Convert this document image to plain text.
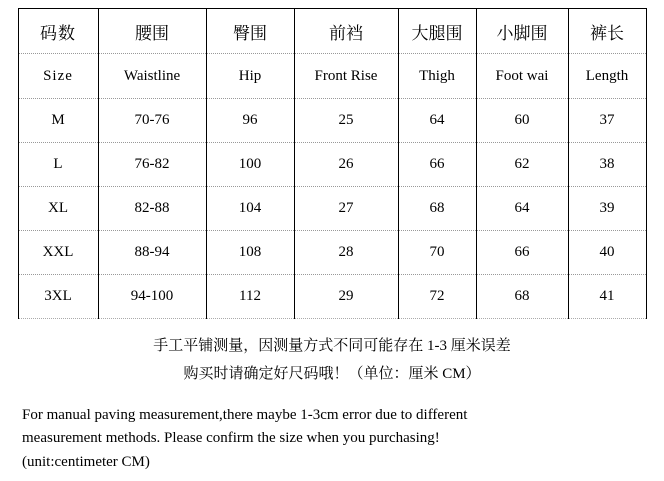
码数	腰围	臀围	前裆	大腿围	小脚围	裤长
Size	Waistline	Hip	Front Rise	Thigh	Foot wai	Length
M	70-76	96	25	64	60	37
L	76-82	100	26	66	62	38
XL	82-88	104	27	68	64	39
XXL	88-94	108	28	70	66	40
3XL	94-100	112	29	72	68	41
手工平铺测量，因测量方式不同可能存在 1-3 厘米误差
购买时请确定好尺码哦！（单位：厘米 CM）
For manual paving measurement,there maybe 1-3cm error due to different
measurement methods. Please confirm the size when you purchasing!
(unit:centimeter CM)
